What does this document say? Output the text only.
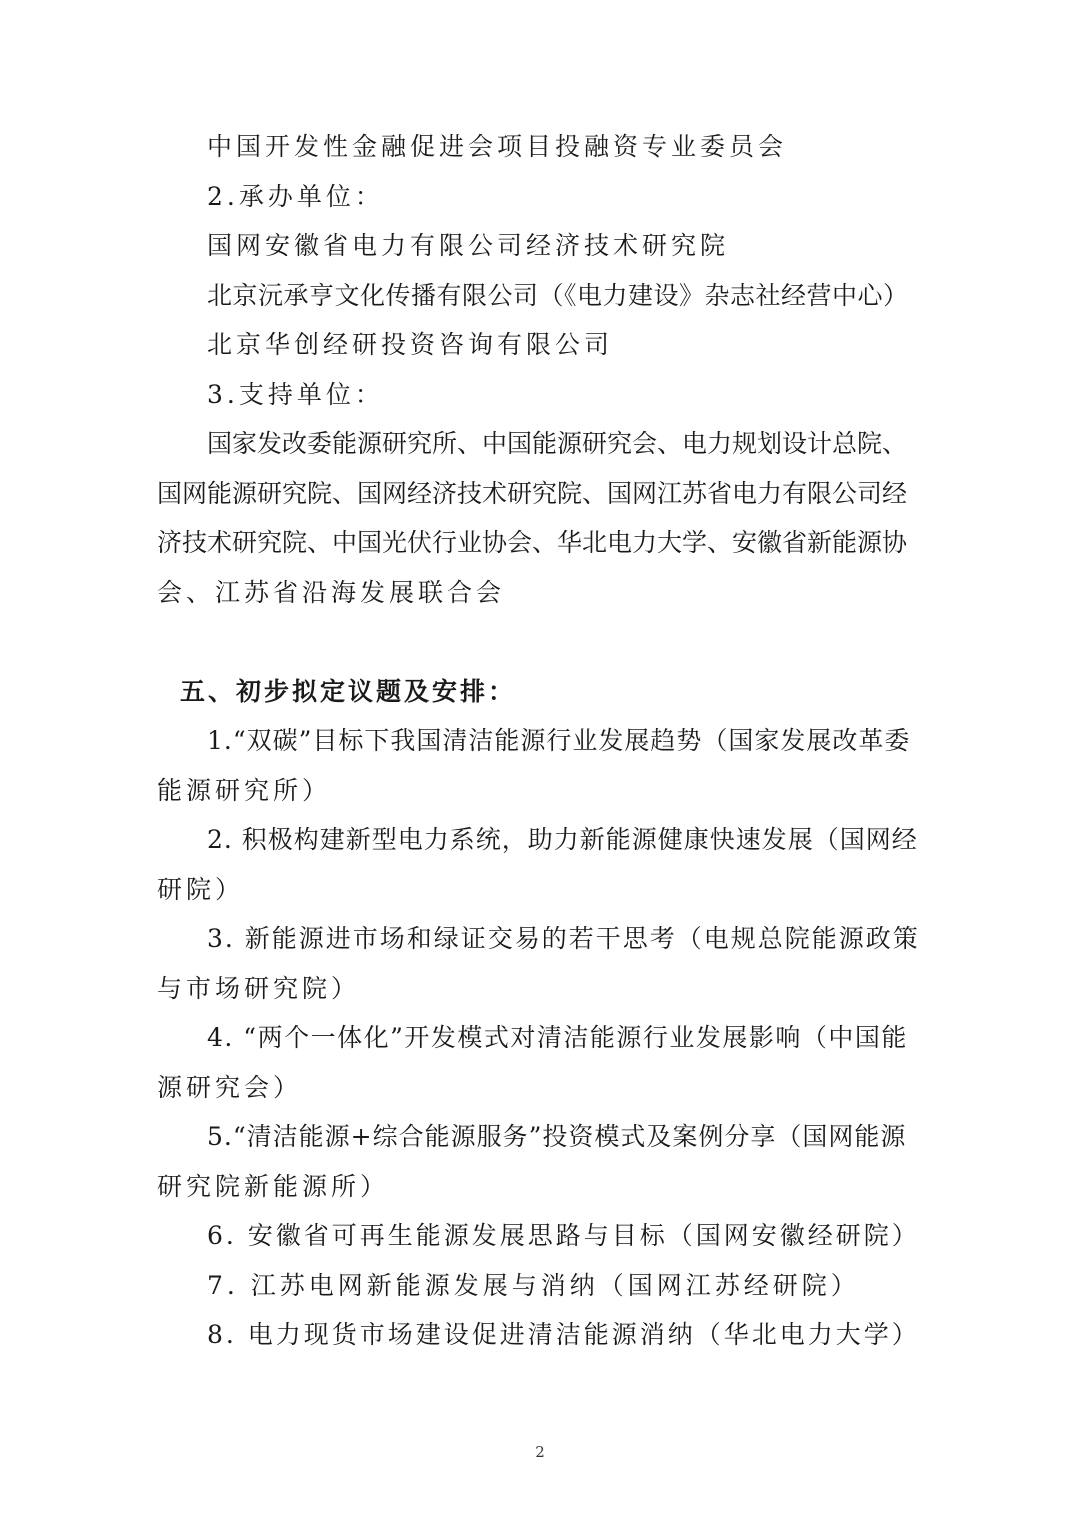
中国开发性金融促进会项目投融资专业委员会

2.承办单位：

国网安徽省电力有限公司经济技术研究院

北京沅承亨文化传播有限公司（《电力建设》杂志社经营中心）

北京华创经研投资咨询有限公司

3.支持单位：

国家发改委能源研究所、中国能源研究会、电力规划设计总院、

国网能源研究院、国网经济技术研究院、国网江苏省电力有限公司经

济技术研究院、中国光伏行业协会、华北电力大学、安徽省新能源协

会、江苏省沿海发展联合会

五、初步拟定议题及安排：

1.“双碳”目标下我国清洁能源行业发展趋势（国家发展改革委

能源研究所）

2. 积极构建新型电力系统，助力新能源健康快速发展（国网经

研院）

3. 新能源进市场和绿证交易的若干思考（电规总院能源政策

与市场研究院）

4. “两个一体化”开发模式对清洁能源行业发展影响（中国能

源研究会）

5.“清洁能源+综合能源服务”投资模式及案例分享（国网能源

研究院新能源所）

6. 安徽省可再生能源发展思路与目标（国网安徽经研院）

7. 江苏电网新能源发展与消纳（国网江苏经研院）

8. 电力现货市场建设促进清洁能源消纳（华北电力大学）

2
